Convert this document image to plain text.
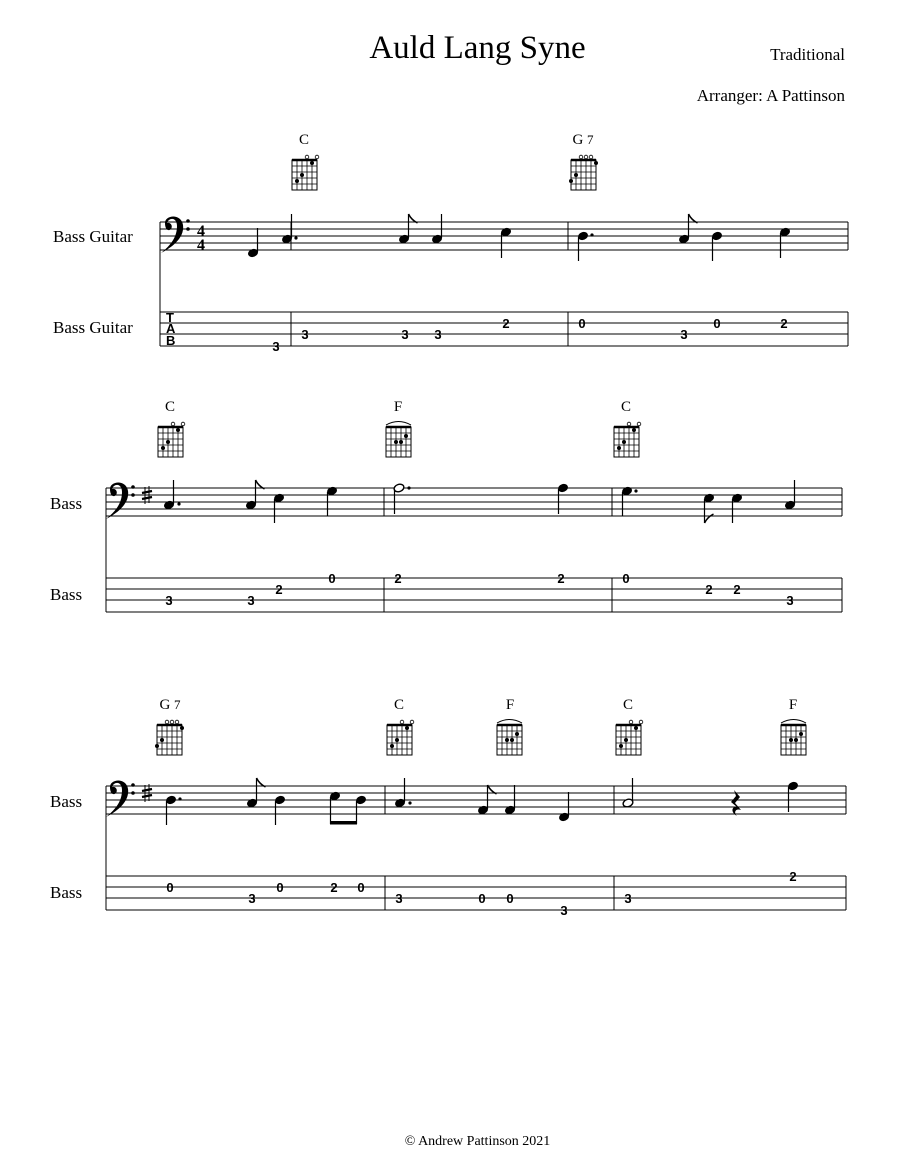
Auld Lang Syne	Traditional
Arranger: A Pattinson
Bass Guitar
Bass Guitar
Bass
Bass
Bass
Bass
C	G 7
C	F	C
G 7	C	F	C	F
© Andrew Pattinson 2021
4
4
T
A
B	3
3	3 3
2	0
3
0	2
3	3
2
0	2	2	0
2 2
3
0
3
0	2 0
3	0 0
3
3
2
